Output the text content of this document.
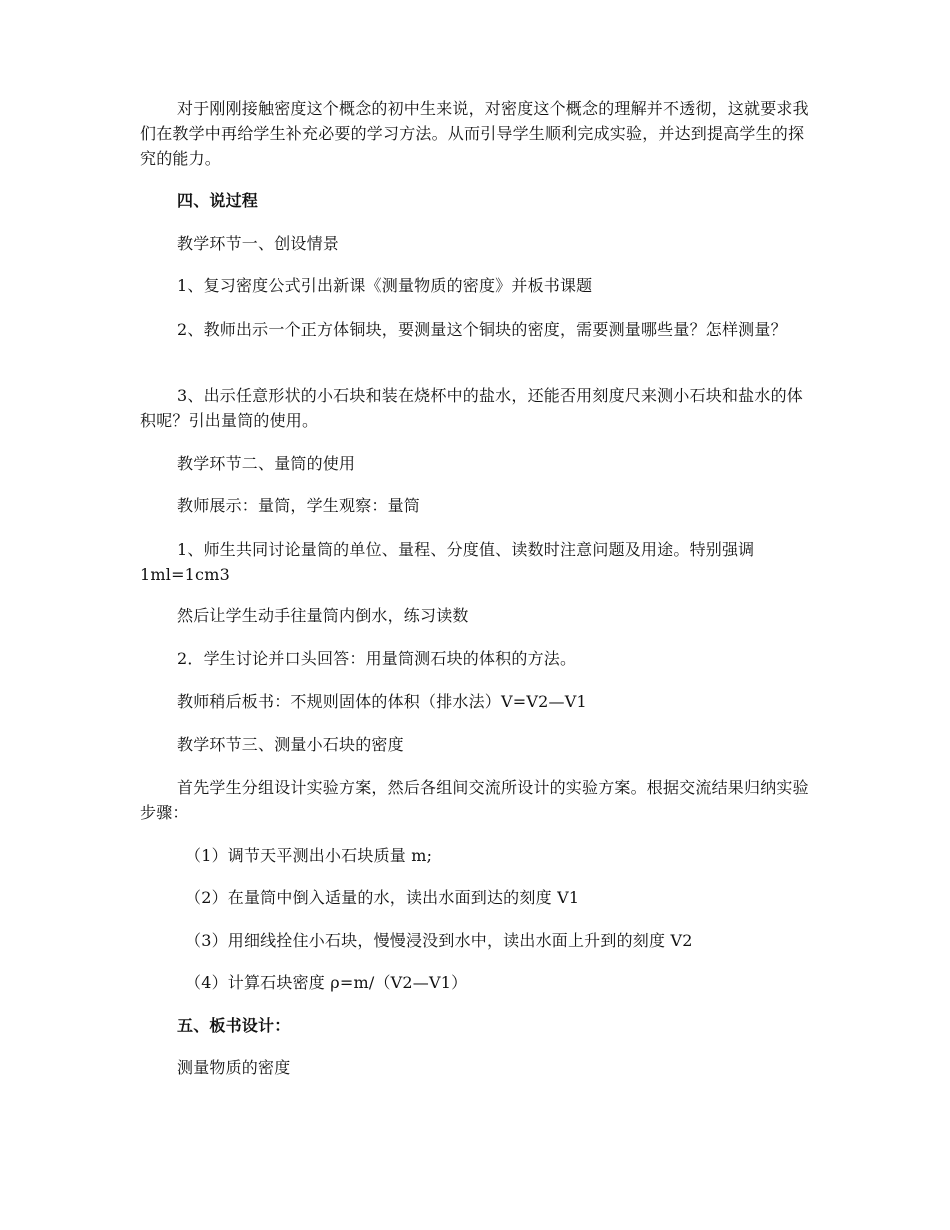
对于刚刚接触密度这个概念的初中生来说，对密度这个概念的理解并不透彻，这就要求我们在教学中再给学生补充必要的学习方法。从而引导学生顺利完成实验，并达到提高学生的探究的能力。

四、说过程

教学环节一、创设情景

1、复习密度公式引出新课《测量物质的密度》并板书课题

2、教师出示一个正方体铜块，要测量这个铜块的密度，需要测量哪些量？怎样测量？

3、出示任意形状的小石块和装在烧杯中的盐水，还能否用刻度尺来测小石块和盐水的体积呢？引出量筒的使用。

教学环节二、量筒的使用

教师展示：量筒，学生观察：量筒

1、师生共同讨论量筒的单位、量程、分度值、读数时注意问题及用途。特别强调 1ml=1cm3

然后让学生动手往量筒内倒水，练习读数

2．学生讨论并口头回答：用量筒测石块的体积的方法。

教师稍后板书：不规则固体的体积（排水法）V=V2—V1

教学环节三、测量小石块的密度

首先学生分组设计实验方案，然后各组间交流所设计的实验方案。根据交流结果归纳实验步骤：

（1）调节天平测出小石块质量 m;

（2）在量筒中倒入适量的水，读出水面到达的刻度 V1

（3）用细线拴住小石块，慢慢浸没到水中，读出水面上升到的刻度 V2

（4）计算石块密度 ρ=m/（V2—V1）

五、板书设计：

测量物质的密度
